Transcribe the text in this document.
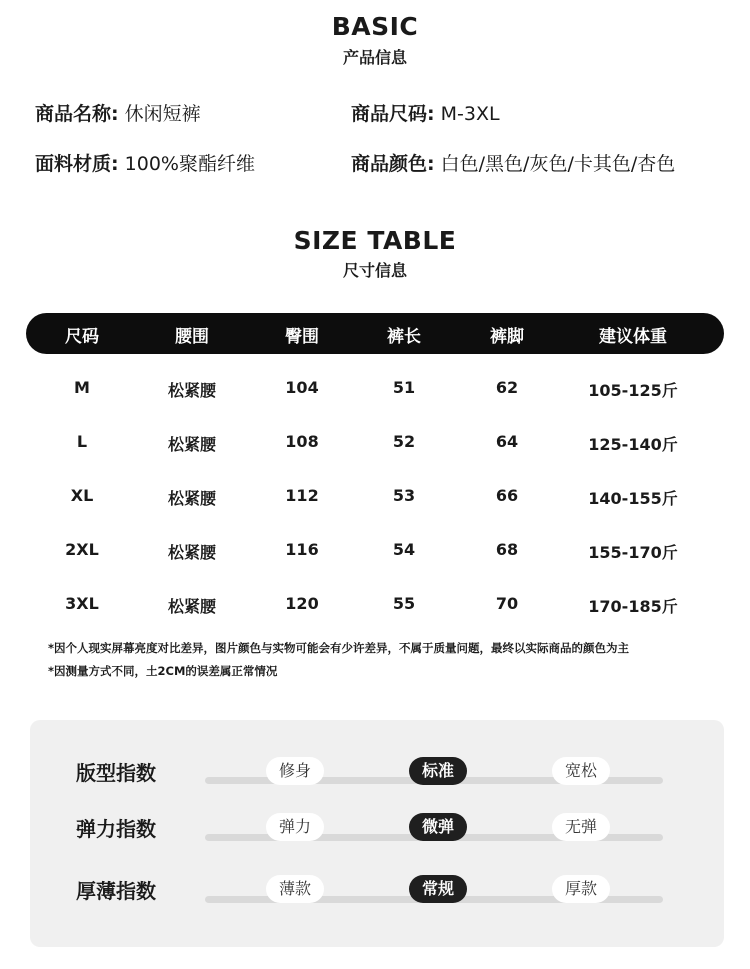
BASIC
产品信息
商品名称: 休闲短裤	商品尺码: M-3XL
面料材质: 100%聚酯纤维	商品颜色: 白色/黑色/灰色/卡其色/杏色
SIZE TABLE
尺寸信息
尺码	腰围	臀围	裤长	裤脚	建议体重
M	松紧腰	104	51	62	105-125斤
L	松紧腰	108	52	64	125-140斤
XL	松紧腰	112	53	66	140-155斤
2XL	松紧腰	116	54	68	155-170斤
3XL	松紧腰	120	55	70	170-185斤
*因个人现实屏幕亮度对比差异，图片颜色与实物可能会有少许差异，不属于质量问题，最终以实际商品的颜色为主
*因测量方式不同，土2CM的误差属正常情况
版型指数	修身	标准	宽松
弹力指数	弹力	微弹	无弹
厚薄指数	薄款	常规	厚款
